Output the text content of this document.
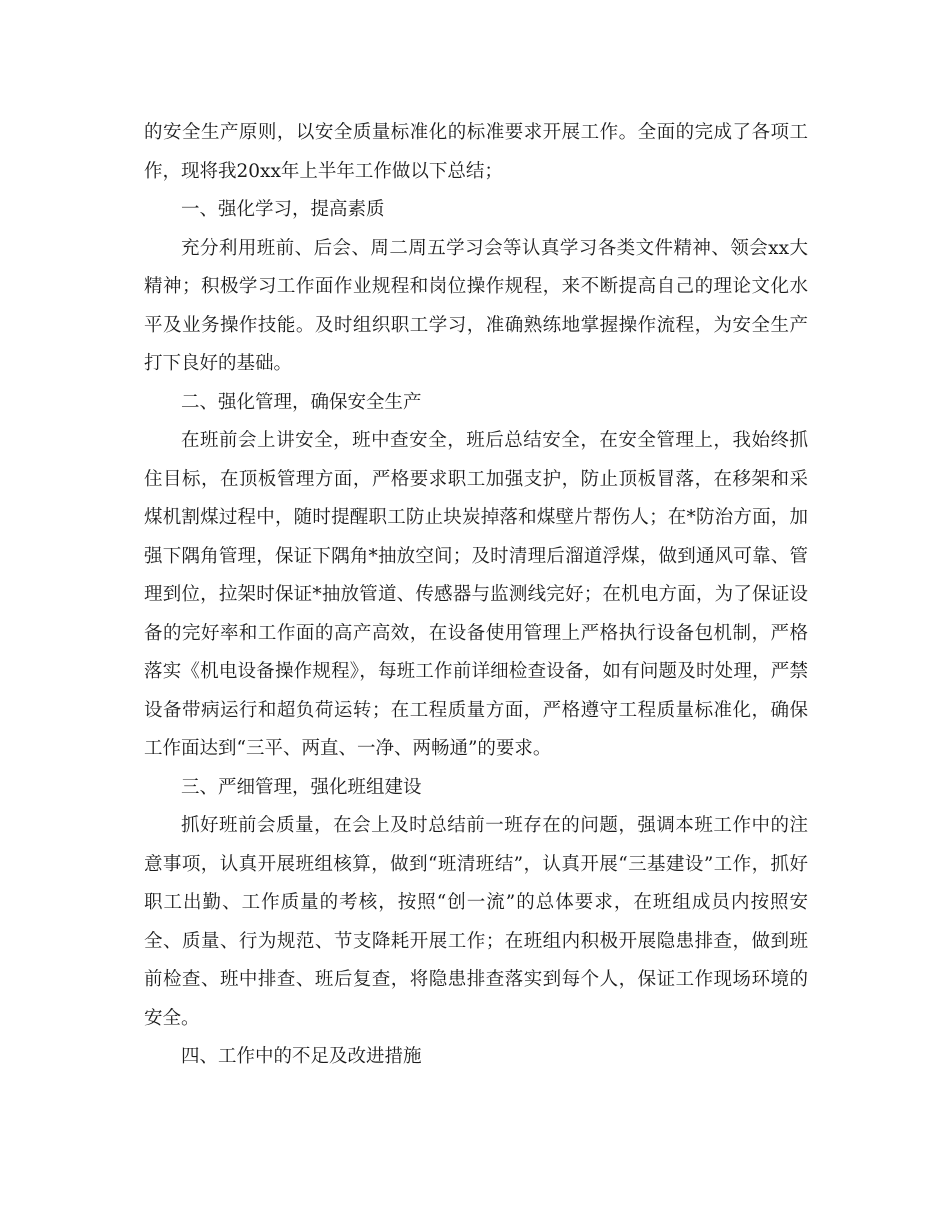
的安全生产原则，以安全质量标准化的标准要求开展工作。全面的完成了各项工作，现将我20xx年上半年工作做以下总结；

一、强化学习，提高素质

充分利用班前、后会、周二周五学习会等认真学习各类文件精神、领会xx大精神；积极学习工作面作业规程和岗位操作规程，来不断提高自己的理论文化水平及业务操作技能。及时组织职工学习，准确熟练地掌握操作流程，为安全生产打下良好的基础。

二、强化管理，确保安全生产

在班前会上讲安全，班中查安全，班后总结安全，在安全管理上，我始终抓住目标，在顶板管理方面，严格要求职工加强支护，防止顶板冒落，在移架和采煤机割煤过程中，随时提醒职工防止块炭掉落和煤壁片帮伤人；在*防治方面，加强下隅角管理，保证下隅角*抽放空间；及时清理后溜道浮煤，做到通风可靠、管理到位，拉架时保证*抽放管道、传感器与监测线完好；在机电方面，为了保证设备的完好率和工作面的高产高效，在设备使用管理上严格执行设备包机制，严格落实《机电设备操作规程》，每班工作前详细检查设备，如有问题及时处理，严禁设备带病运行和超负荷运转；在工程质量方面，严格遵守工程质量标准化，确保工作面达到“三平、两直、一净、两畅通”的要求。

三、严细管理，强化班组建设

抓好班前会质量，在会上及时总结前一班存在的问题，强调本班工作中的注意事项，认真开展班组核算，做到“班清班结”，认真开展“三基建设”工作，抓好职工出勤、工作质量的考核，按照“创一流”的总体要求，在班组成员内按照安全、质量、行为规范、节支降耗开展工作；在班组内积极开展隐患排查，做到班前检查、班中排查、班后复查，将隐患排查落实到每个人，保证工作现场环境的安全。

四、工作中的不足及改进措施
